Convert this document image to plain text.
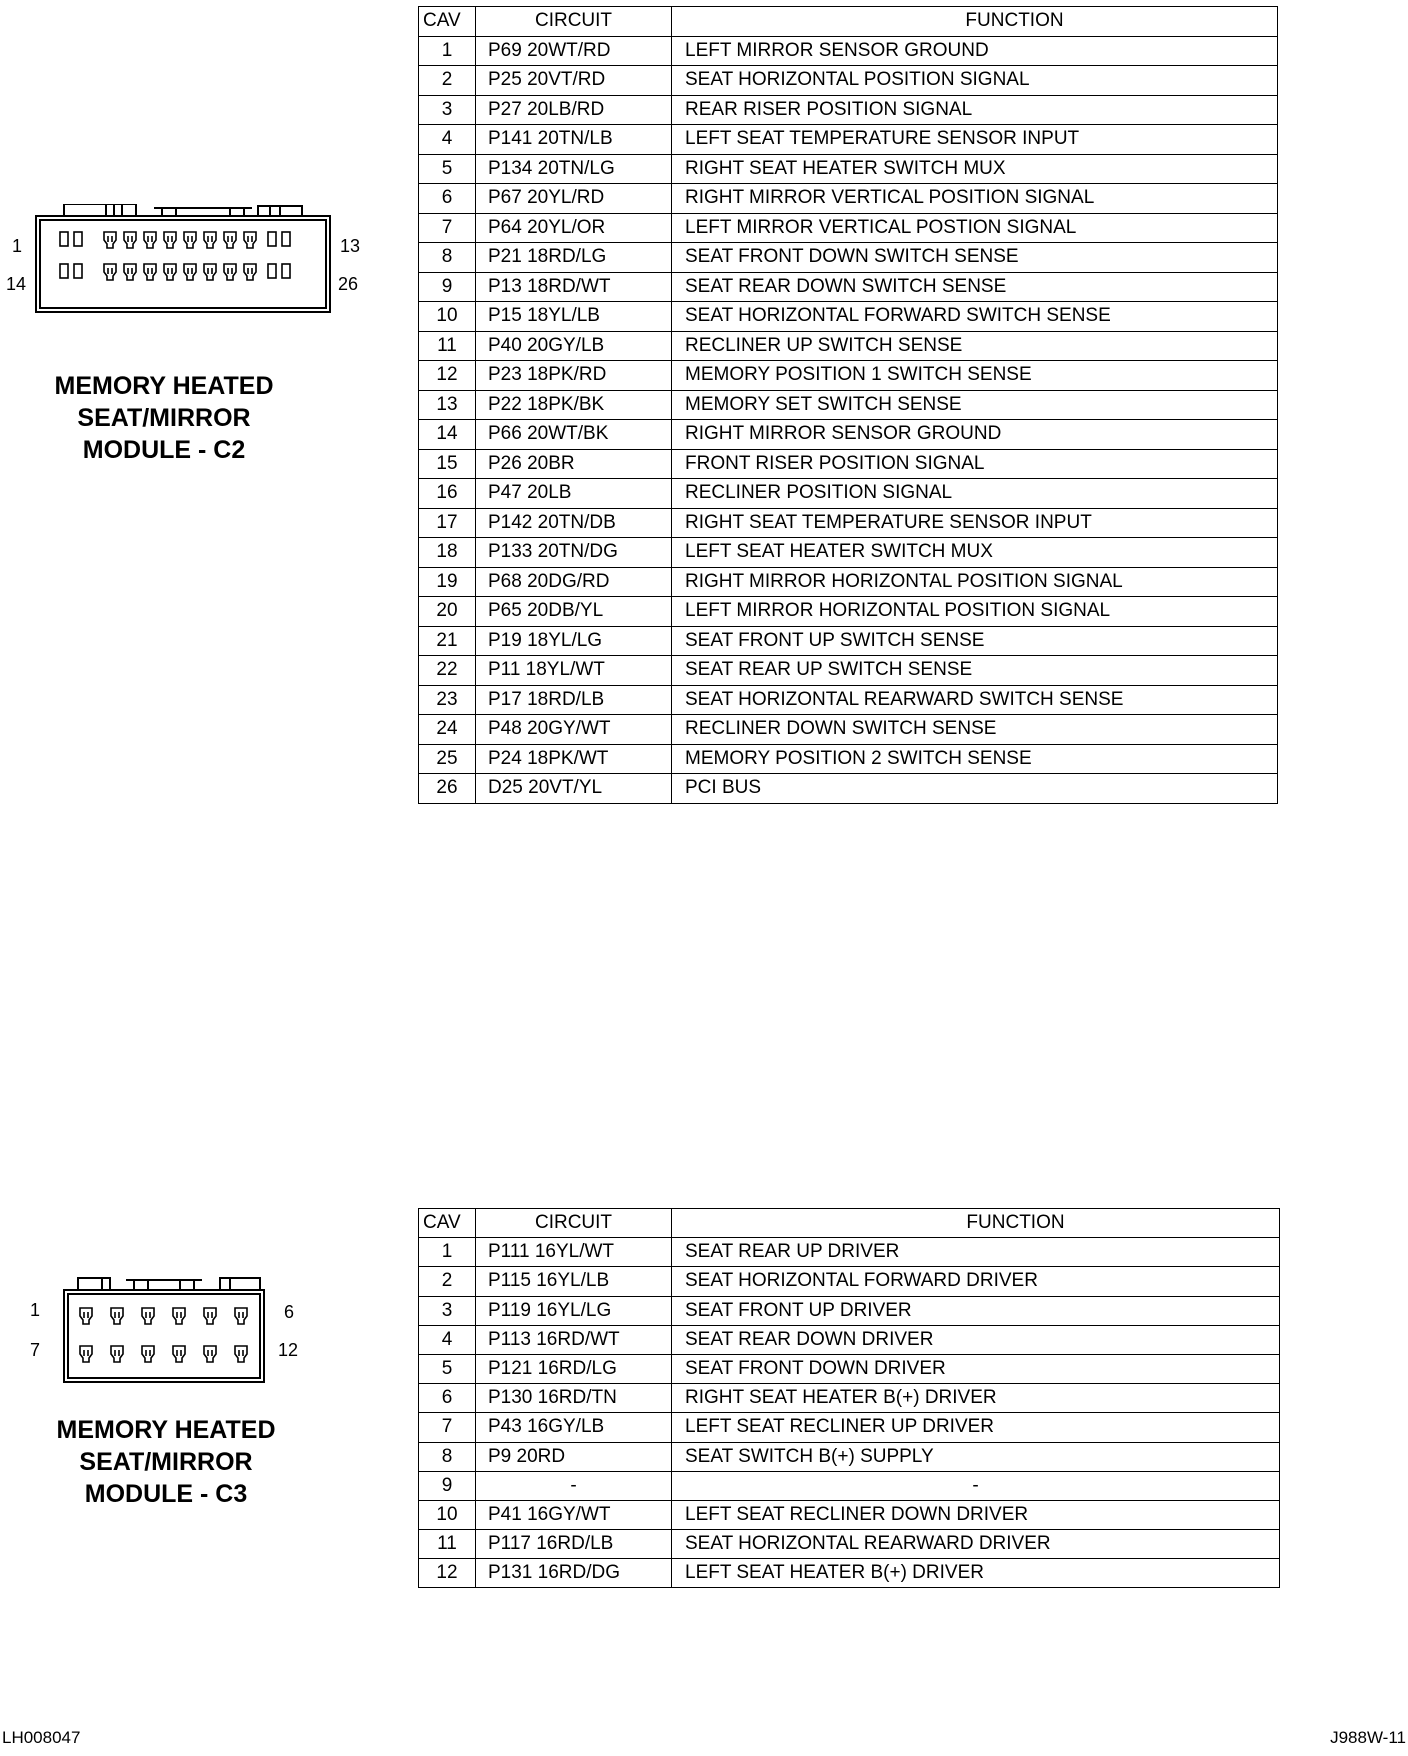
1	13
14	26
MEMORY HEATED
SEAT/MIRROR
MODULE - C2
CAV	CIRCUIT	FUNCTION
1	P69 20WT/RD	LEFT MIRROR SENSOR GROUND
2	P25 20VT/RD	SEAT HORIZONTAL POSITION SIGNAL
3	P27 20LB/RD	REAR RISER POSITION SIGNAL
4	P141 20TN/LB	LEFT SEAT TEMPERATURE SENSOR INPUT
5	P134 20TN/LG	RIGHT SEAT HEATER SWITCH MUX
6	P67 20YL/RD	RIGHT MIRROR VERTICAL POSITION SIGNAL
7	P64 20YL/OR	LEFT MIRROR VERTICAL POSTION SIGNAL
8	P21 18RD/LG	SEAT FRONT DOWN SWITCH SENSE
9	P13 18RD/WT	SEAT REAR DOWN SWITCH SENSE
10	P15 18YL/LB	SEAT HORIZONTAL FORWARD SWITCH SENSE
11	P40 20GY/LB	RECLINER UP SWITCH SENSE
12	P23 18PK/RD	MEMORY POSITION 1 SWITCH SENSE
13	P22 18PK/BK	MEMORY SET SWITCH SENSE
14	P66 20WT/BK	RIGHT MIRROR SENSOR GROUND
15	P26 20BR	FRONT RISER POSITION SIGNAL
16	P47 20LB	RECLINER POSITION SIGNAL
17	P142 20TN/DB	RIGHT SEAT TEMPERATURE SENSOR INPUT
18	P133 20TN/DG	LEFT SEAT HEATER SWITCH MUX
19	P68 20DG/RD	RIGHT MIRROR HORIZONTAL POSITION SIGNAL
20	P65 20DB/YL	LEFT MIRROR HORIZONTAL POSITION SIGNAL
21	P19 18YL/LG	SEAT FRONT UP SWITCH SENSE
22	P11 18YL/WT	SEAT REAR UP SWITCH SENSE
23	P17 18RD/LB	SEAT HORIZONTAL REARWARD SWITCH SENSE
24	P48 20GY/WT	RECLINER DOWN SWITCH SENSE
25	P24 18PK/WT	MEMORY POSITION 2 SWITCH SENSE
26	D25 20VT/YL	PCI BUS
1	6
7	12
MEMORY HEATED
SEAT/MIRROR
MODULE - C3
CAV	CIRCUIT	FUNCTION
1	P111 16YL/WT	SEAT REAR UP DRIVER
2	P115 16YL/LB	SEAT HORIZONTAL FORWARD DRIVER
3	P119 16YL/LG	SEAT FRONT UP DRIVER
4	P113 16RD/WT	SEAT REAR DOWN DRIVER
5	P121 16RD/LG	SEAT FRONT DOWN DRIVER
6	P130 16RD/TN	RIGHT SEAT HEATER B(+) DRIVER
7	P43 16GY/LB	LEFT SEAT RECLINER UP DRIVER
8	P9 20RD	SEAT SWITCH B(+) SUPPLY
9	-	-
10	P41 16GY/WT	LEFT SEAT RECLINER DOWN DRIVER
11	P117 16RD/LB	SEAT HORIZONTAL REARWARD DRIVER
12	P131 16RD/DG	LEFT SEAT HEATER B(+) DRIVER
LH008047	J988W-11
